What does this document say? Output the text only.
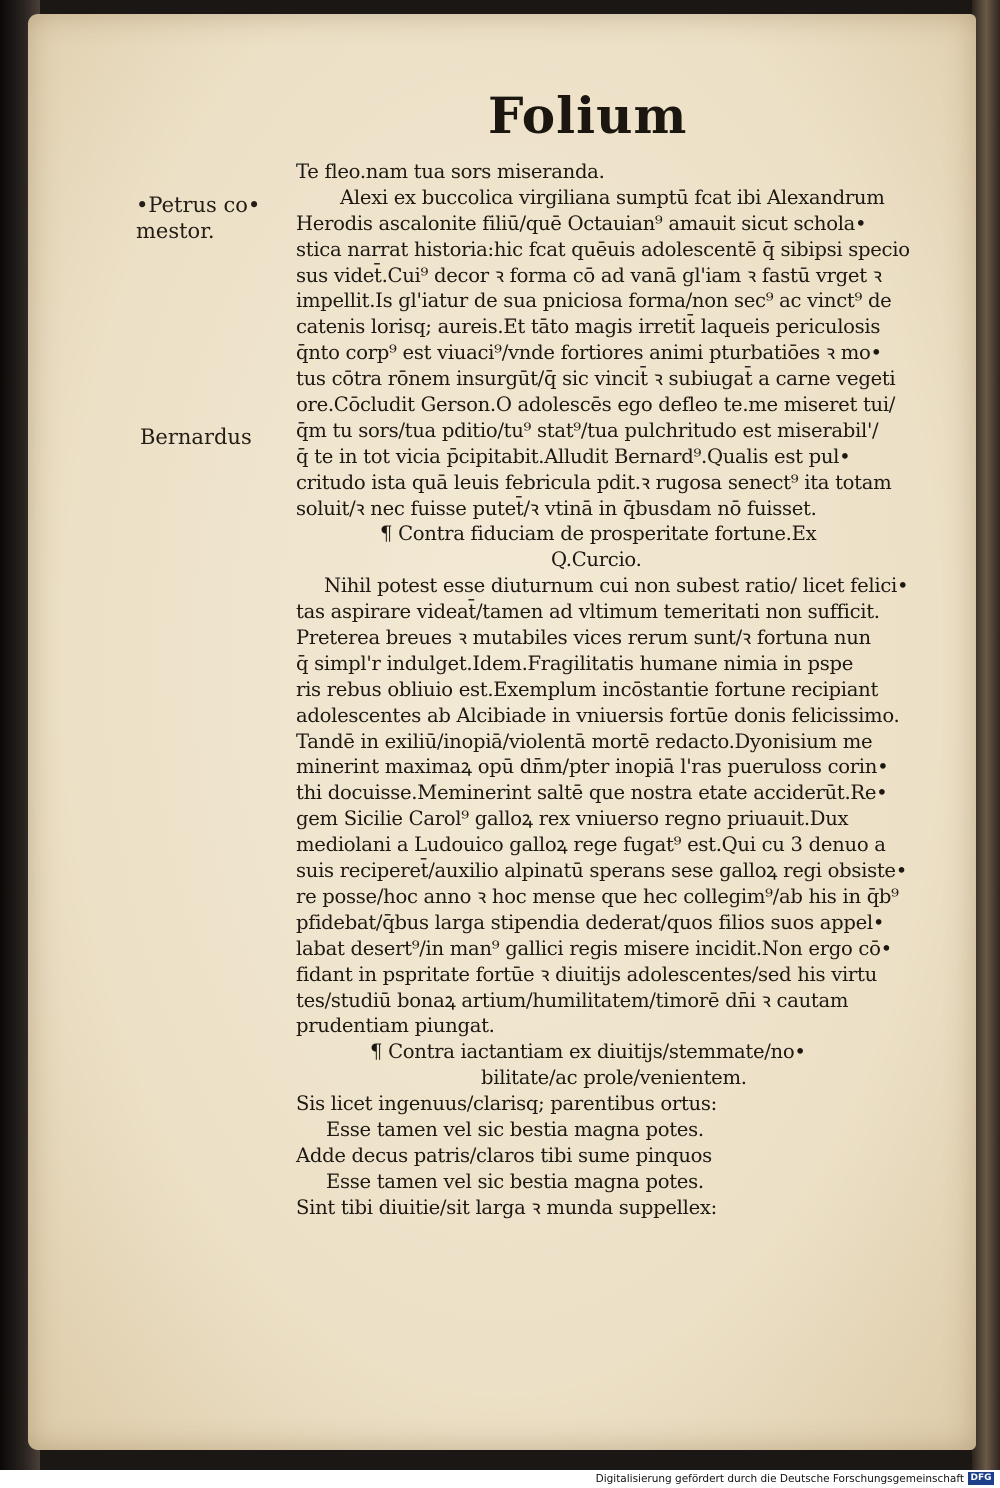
Folium
•Petrus co•
mestor.
Bernardus
Te fleo.nam tua sors miseranda.
Alexi ex buccolica virgiliana sumptū fcat ibi Alexandrum
Herodis ascalonite filiū/quē Octauian⁹ amauit sicut schola•
stica narrat historia:hic fcat quēuis adolescentē q̄ sibipsi specio
sus videt̄.Cui⁹ decor ꝛ forma cō ad vanā gl'iam ꝛ fastū vrget ꝛ
impellit.Is gl'iatur de sua pniciosa forma/non sec⁹ ac vinct⁹ de
catenis lorisq; aureis.Et tāto magis irretit̄ laqueis periculosis
q̄nto corp⁹ est viuaci⁹/vnde fortiores animi pturbatiōes ꝛ mo•
tus cōtra rōnem insurgūt/q̄ sic vincit̄ ꝛ subiugat̄ a carne vegeti
ore.Cōcludit Gerson.O adolescēs ego defleo te.me miseret tui/
q̄m tu sors/tua pditio/tu⁹ stat⁹/tua pulchritudo est miserabil'/
q̄ te in tot vicia p̄cipitabit.Alludit Bernard⁹.Qualis est pul•
critudo ista quā leuis febricula pdit.ꝛ rugosa senect⁹ ita totam
soluit/ꝛ nec fuisse putet̄/ꝛ vtinā in q̄busdam nō fuisset.
¶ Contra fiduciam de prosperitate fortune.Ex
Q.Curcio.
Nihil potest esse diuturnum cui non subest ratio/ licet felici•
tas aspirare videat̄/tamen ad vltimum temeritati non sufficit.
Preterea breues ꝛ mutabiles vices rerum sunt/ꝛ fortuna nun
q̄ simpl'r indulget.Idem.Fragilitatis humane nimia in pspe
ris rebus obliuio est.Exemplum incōstantie fortune recipiant
adolescentes ab Alcibiade in vniuersis fortūe donis felicissimo.
Tandē in exiliū/inopiā/violentā mortē redacto.Dyonisium me
minerint maximaꝝ opū dn̄m/pter inopiā l'ras pueruloss corin•
thi docuisse.Meminerint saltē que nostra etate acciderūt.Re•
gem Sicilie Carol⁹ galloꝝ rex vniuerso regno priuauit.Dux
mediolani a Ludouico galloꝝ rege fugat⁹ est.Qui cu 3 denuo a
suis reciperet̄/auxilio alpinatū sperans sese galloꝝ regi obsiste•
re posse/hoc anno ꝛ hoc mense que hec collegim⁹/ab his in q̄b⁹
pfidebat/q̄bus larga stipendia dederat/quos filios suos appel•
labat desert⁹/in man⁹ gallici regis misere incidit.Non ergo cō•
fidant in pspritate fortūe ꝛ diuitijs adolescentes/sed his virtu
tes/studiū bonaꝝ artium/humilitatem/timorē dn̄i ꝛ cautam
prudentiam piungat.
¶ Contra iactantiam ex diuitijs/stemmate/no•
bilitate/ac prole/venientem.
Sis licet ingenuus/clarisq; parentibus ortus:
Esse tamen vel sic bestia magna potes.
Adde decus patris/claros tibi sume pinquos
Esse tamen vel sic bestia magna potes.
Sint tibi diuitie/sit larga ꝛ munda suppellex:
Digitalisierung gefördert durch die Deutsche Forschungsgemeinschaft DFG
